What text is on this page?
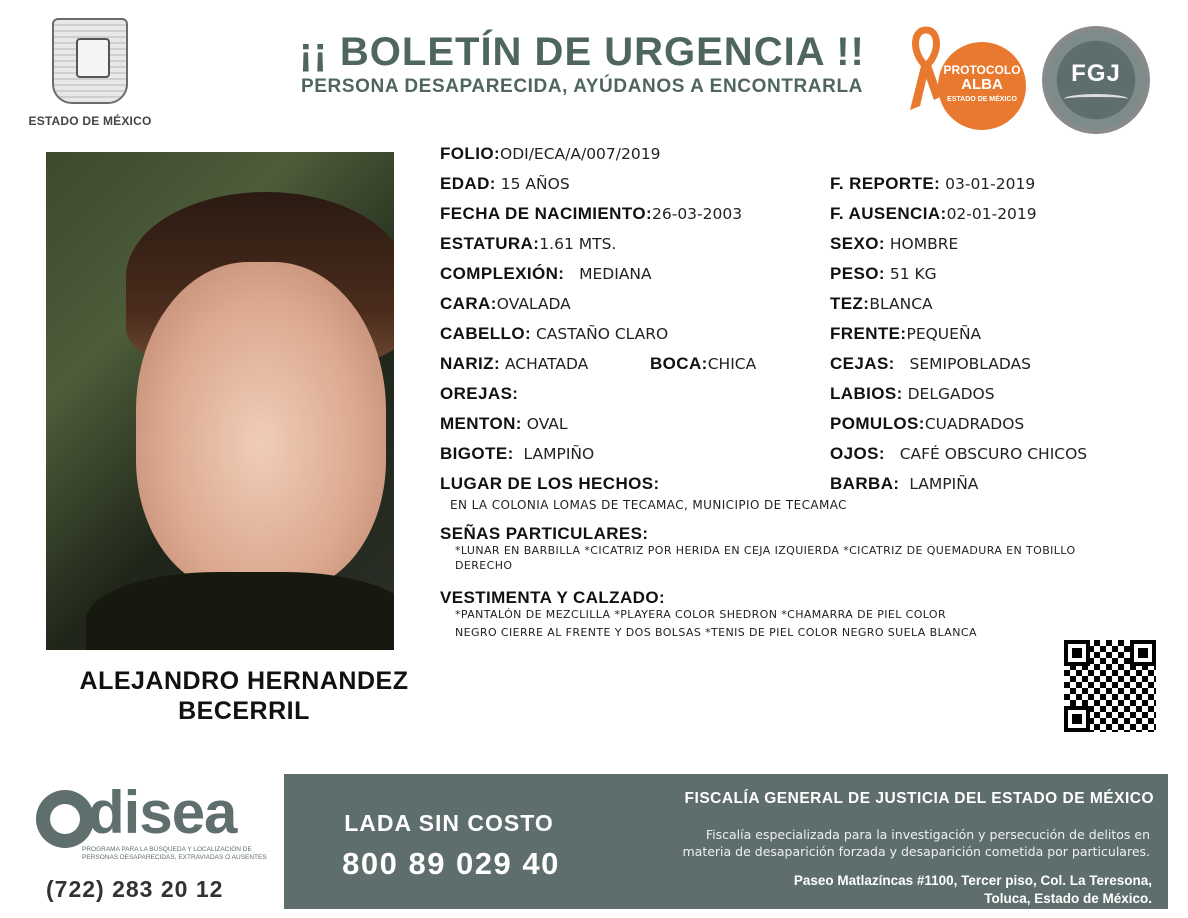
ESTADO DE MÉXICO
¡¡ BOLETÍN DE URGENCIA !!
PERSONA DESAPARECIDA, AYÚDANOS A ENCONTRARLA
PROTOCOLO
ALBA
ESTADO DE MÉXICO
FGJ
ALEJANDRO HERNANDEZ
BECERRIL
FOLIO:ODI/ECA/A/007/2019
EDAD: 15 AÑOS
FECHA DE NACIMIENTO:26-03-2003
ESTATURA:1.61 MTS.
COMPLEXIÓN: MEDIANA
CARA:OVALADA
CABELLO: CASTAÑO CLARO
NARIZ: ACHATADA	BOCA:CHICA
OREJAS:
MENTON: OVAL
BIGOTE: LAMPIÑO
LUGAR DE LOS HECHOS:
EN LA COLONIA LOMAS DE TECAMAC, MUNICIPIO DE TECAMAC
F. REPORTE: 03-01-2019
F. AUSENCIA:02-01-2019
SEXO: HOMBRE
PESO: 51 KG
TEZ:BLANCA
FRENTE:PEQUEÑA
CEJAS: SEMIPOBLADAS
LABIOS: DELGADOS
POMULOS:CUADRADOS
OJOS: CAFÉ OBSCURO CHICOS
BARBA: LAMPIÑA
SEÑAS PARTICULARES:
*LUNAR EN BARBILLA *CICATRIZ POR HERIDA EN CEJA IZQUIERDA *CICATRIZ DE QUEMADURA EN TOBILLO
DERECHO
VESTIMENTA Y CALZADO:
*PANTALÓN DE MEZCLILLA *PLAYERA COLOR SHEDRON *CHAMARRA DE PIEL COLOR
NEGRO CIERRE AL FRENTE Y DOS BOLSAS *TENIS DE PIEL COLOR NEGRO SUELA BLANCA
disea
PROGRAMA PARA LA BÚSQUEDA Y LOCALIZACIÓN DE PERSONAS DESAPARECIDAS, EXTRAVIADAS O AUSENTES
(722) 283 20 12
LADA SIN COSTO
800 89 029 40
FISCALÍA GENERAL DE JUSTICIA DEL ESTADO DE MÉXICO
Fiscalía especializada para la investigación y persecución de delitos en
materia de desaparición forzada y desaparición cometida por particulares.
Paseo Matlazíncas #1100, Tercer piso, Col. La Teresona,
Toluca, Estado de México.
